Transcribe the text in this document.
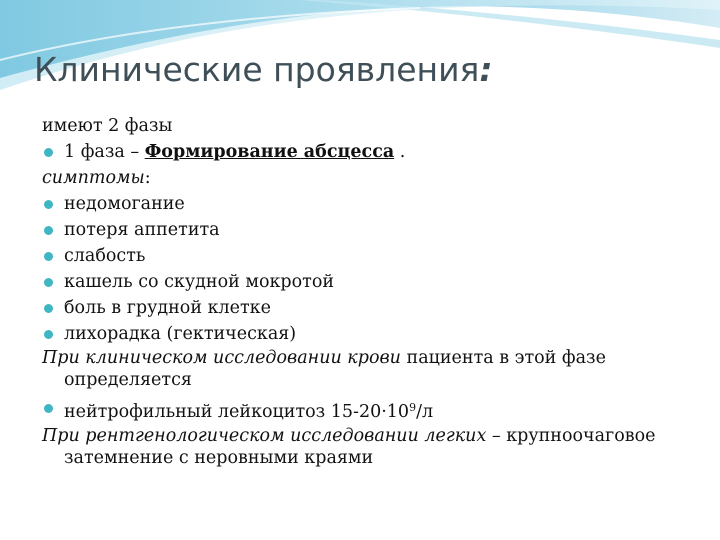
Клинические проявления:
имеют 2 фазы
1 фаза – Формирование абсцесса .
симптомы:
недомогание
потеря аппетита
слабость
кашель со скудной мокротой
боль в грудной клетке
лихорадка (гектическая)
При клиническом исследовании крови пациента в этой фазе определяется
нейтрофильный лейкоцитоз $15-20\cdot 10^9/л$
При рентгенологическом исследовании легких – крупноочаговое затемнение с неровными краями
